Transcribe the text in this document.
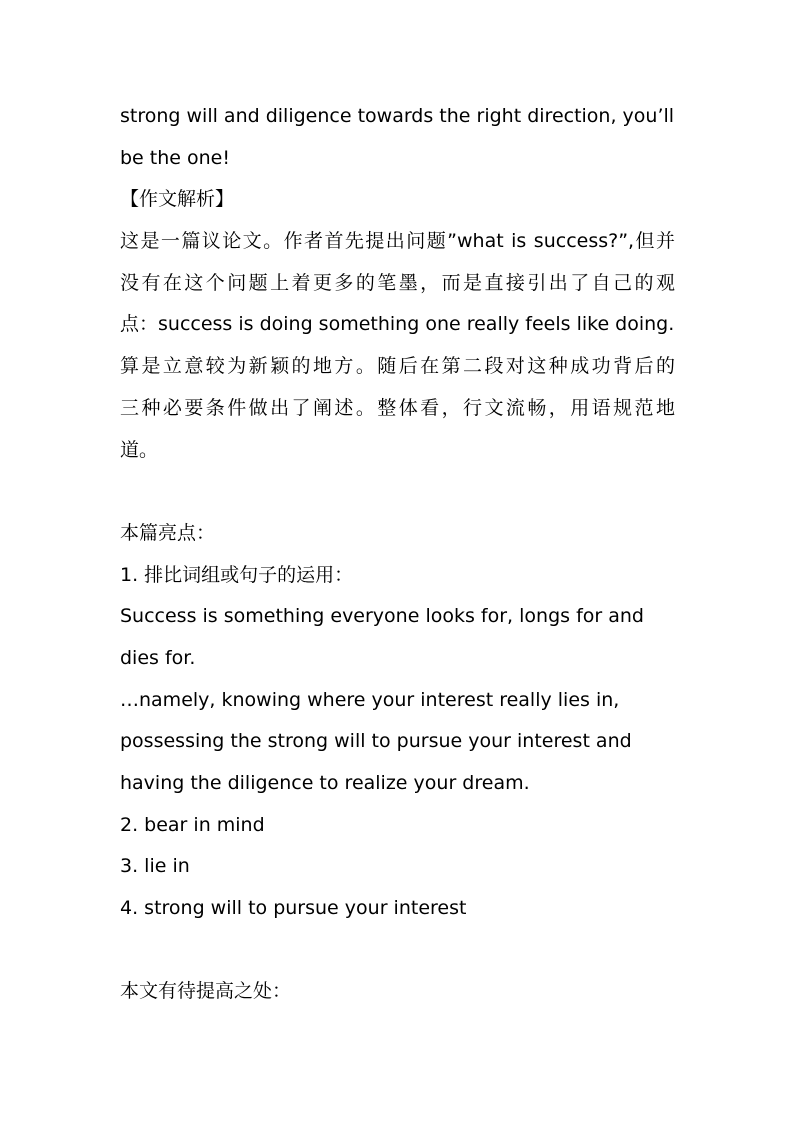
strong will and diligence towards the right direction, you’ll
be the one!
【作文解析】
这是一篇议论文。作者首先提出问题”what is success?”,但并
没有在这个问题上着更多的笔墨，而是直接引出了自己的观
点：success is doing something one really feels like doing.
算是立意较为新颖的地方。随后在第二段对这种成功背后的
三种必要条件做出了阐述。整体看，行文流畅，用语规范地
道。
本篇亮点：
1. 排比词组或句子的运用：
Success is something everyone looks for, longs for and
dies for.
…namely, knowing where your interest really lies in,
possessing the strong will to pursue your interest and
having the diligence to realize your dream.
2. bear in mind
3. lie in
4. strong will to pursue your interest
本文有待提高之处：
